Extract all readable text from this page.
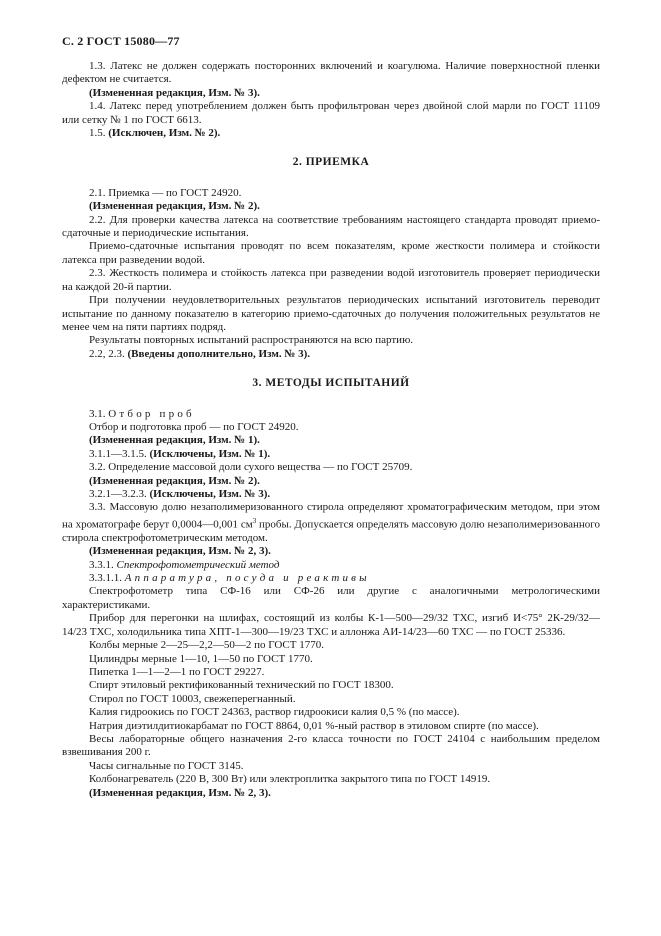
С. 2 ГОСТ 15080—77

1.3. Латекс не должен содержать посторонних включений и коагулюма. Наличие поверхностной пленки дефектом не считается.

(Измененная редакция, Изм. № 3).

1.4. Латекс перед употреблением должен быть профильтрован через двойной слой марли по ГОСТ 11109 или сетку № 1 по ГОСТ 6613.

1.5. (Исключен, Изм. № 2).

2. ПРИЕМКА

2.1. Приемка — по ГОСТ 24920.

(Измененная редакция, Изм. № 2).

2.2. Для проверки качества латекса на соответствие требованиям настоящего стандарта проводят приемо-сдаточные и периодические испытания.

Приемо-сдаточные испытания проводят по всем показателям, кроме жесткости полимера и стойкости латекса при разведении водой.

2.3. Жесткость полимера и стойкость латекса при разведении водой изготовитель проверяет периодически на каждой 20-й партии.

При получении неудовлетворительных результатов периодических испытаний изготовитель переводит испытание по данному показателю в категорию приемо-сдаточных до получения положительных результатов не менее чем на пяти партиях подряд.

Результаты повторных испытаний распространяются на всю партию.

2.2, 2.3. (Введены дополнительно, Изм. № 3).

3. МЕТОДЫ ИСПЫТАНИЙ

3.1. Отбор проб

Отбор и подготовка проб — по ГОСТ 24920.

(Измененная редакция, Изм. № 1).

3.1.1—3.1.5. (Исключены, Изм. № 1).

3.2. Определение массовой доли сухого вещества — по ГОСТ 25709.

(Измененная редакция, Изм. № 2).

3.2.1—3.2.3. (Исключены, Изм. № 3).

3.3. Массовую долю незаполимеризованного стирола определяют хроматографическим методом, при этом на хроматографе берут 0,0004—0,001 $см^3$ пробы. Допускается определять массовую долю незаполимеризованного стирола спектрофотометрическим методом.

(Измененная редакция, Изм. № 2, 3).

3.3.1. Спектрофотометрический метод

3.3.1.1. Аппаратура, посуда и реактивы

Спектрофотометр типа СФ-16 или СФ-26 или другие с аналогичными метрологическими характеристиками.

Прибор для перегонки на шлифах, состоящий из колбы К-1—500—29/32 ТХС, изгиб И<75° 2К-29/32—14/23 ТХС, холодильника типа ХПТ-1—300—19/23 ТХС и аллонжа АИ-14/23—60 ТХС — по ГОСТ 25336.

Колбы мерные 2—25—2,2—50—2 по ГОСТ 1770.

Цилиндры мерные 1—10, 1—50 по ГОСТ 1770.

Пипетка 1—1—2—1 по ГОСТ 29227.

Спирт этиловый ректификованный технический по ГОСТ 18300.

Стирол по ГОСТ 10003, свежеперегнанный.

Калия гидроокись по ГОСТ 24363, раствор гидроокиси калия 0,5 % (по массе).

Натрия диэтилдитиокарбамат по ГОСТ 8864, 0,01 %-ный раствор в этиловом спирте (по массе).

Весы лабораторные общего назначения 2-го класса точности по ГОСТ 24104 с наибольшим пределом взвешивания 200 г.

Часы сигнальные по ГОСТ 3145.

Колбонагреватель (220 В, 300 Вт) или электроплитка закрытого типа по ГОСТ 14919.

(Измененная редакция, Изм. № 2, 3).
